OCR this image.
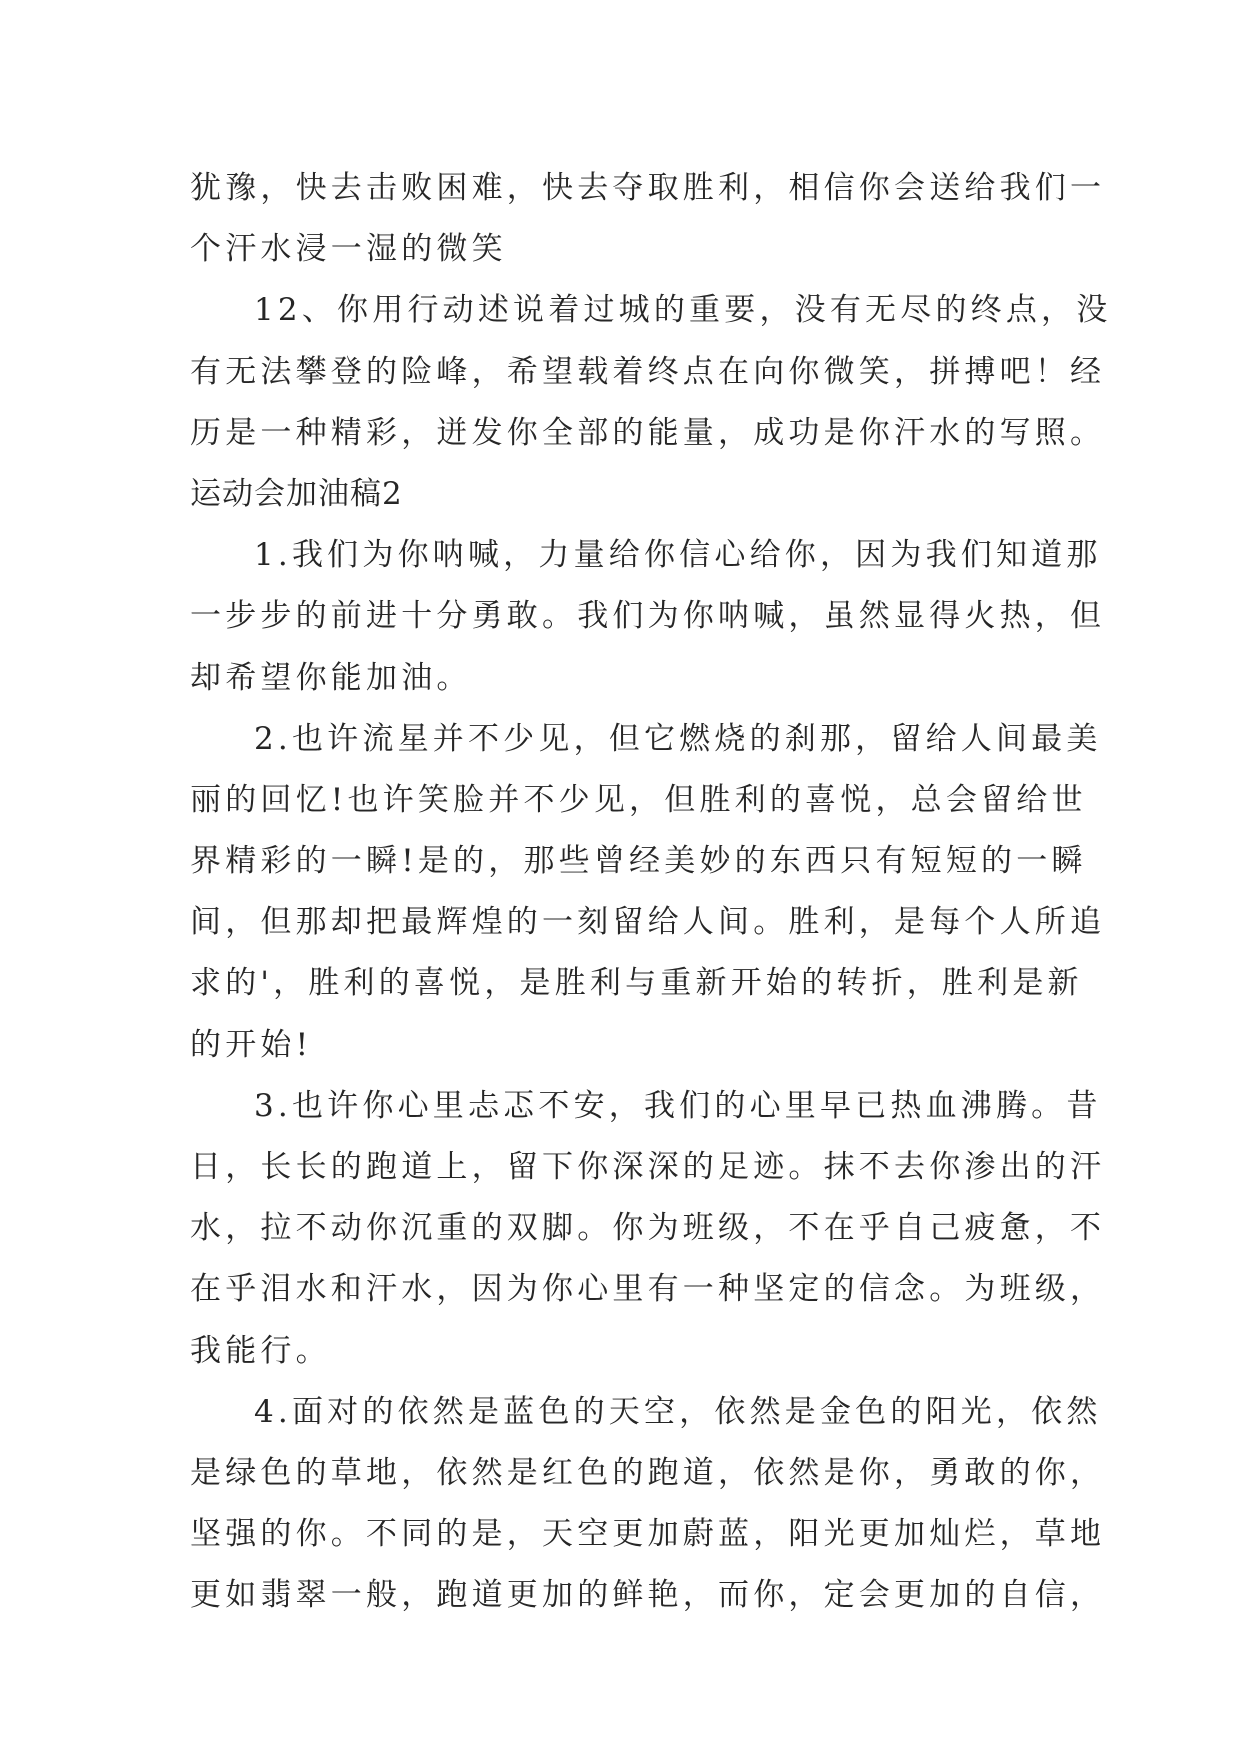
犹豫，快去击败困难，快去夺取胜利，相信你会送给我们一
个汗水浸一湿的微笑
12、你用行动述说着过城的重要，没有无尽的终点，没
有无法攀登的险峰，希望载着终点在向你微笑，拼搏吧！经
历是一种精彩，迸发你全部的能量，成功是你汗水的写照。
运动会加油稿2
1.我们为你呐喊，力量给你信心给你，因为我们知道那
一步步的前进十分勇敢。我们为你呐喊，虽然显得火热，但
却希望你能加油。
2.也许流星并不少见，但它燃烧的刹那，留给人间最美
丽的回忆!也许笑脸并不少见，但胜利的喜悦，总会留给世
界精彩的一瞬!是的，那些曾经美妙的东西只有短短的一瞬
间，但那却把最辉煌的一刻留给人间。胜利，是每个人所追
求的'，胜利的喜悦，是胜利与重新开始的转折，胜利是新
的开始!
3.也许你心里忐忑不安，我们的心里早已热血沸腾。昔
日，长长的跑道上，留下你深深的足迹。抹不去你渗出的汗
水，拉不动你沉重的双脚。你为班级，不在乎自己疲惫，不
在乎泪水和汗水，因为你心里有一种坚定的信念。为班级，
我能行。
4.面对的依然是蓝色的天空，依然是金色的阳光，依然
是绿色的草地，依然是红色的跑道，依然是你，勇敢的你，
坚强的你。不同的是，天空更加蔚蓝，阳光更加灿烂，草地
更如翡翠一般，跑道更加的鲜艳，而你，定会更加的自信，
